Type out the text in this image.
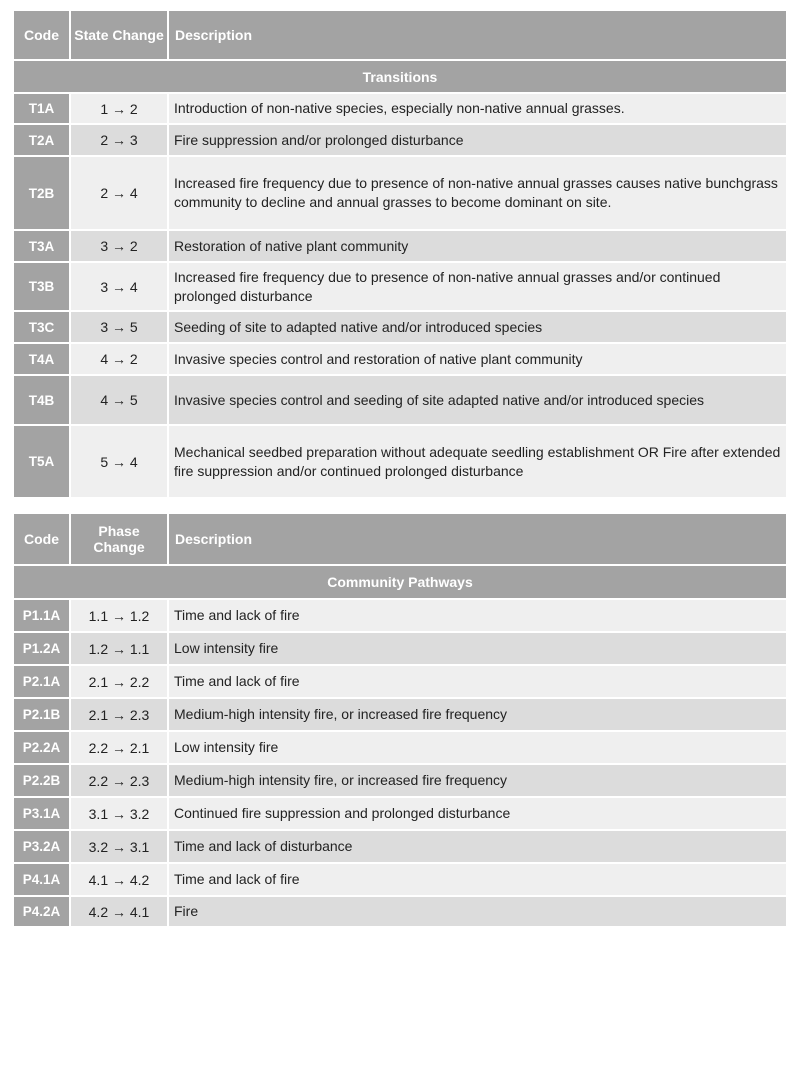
Code	State Change	Description
Transitions		
T1A	1 → 2	Introduction of non-native species, especially non-native annual grasses.
T2A	2 → 3	Fire suppression and/or prolonged disturbance
T2B	2 → 4	Increased fire frequency due to presence of non-native annual grasses causes native bunchgrass community to decline and annual grasses to become dominant on site.
T3A	3 → 2	Restoration of native plant community
T3B	3 → 4	Increased fire frequency due to presence of non-native annual grasses and/or continued prolonged disturbance
T3C	3 → 5	Seeding of site to adapted native and/or introduced species
T4A	4 → 2	Invasive species control and restoration of native plant community
T4B	4 → 5	Invasive species control and seeding of site adapted native and/or introduced species
T5A	5 → 4	Mechanical seedbed preparation without adequate seedling establishment OR Fire after extended fire suppression and/or continued prolonged disturbance
Code	Phase Change	Description
Community Pathways		
P1.1A	1.1 → 1.2	Time and lack of fire
P1.2A	1.2 → 1.1	Low intensity fire
P2.1A	2.1 → 2.2	Time and lack of fire
P2.1B	2.1 → 2.3	Medium-high intensity fire, or increased fire frequency
P2.2A	2.2 → 2.1	Low intensity fire
P2.2B	2.2 → 2.3	Medium-high intensity fire, or increased fire frequency
P3.1A	3.1 → 3.2	Continued fire suppression and prolonged disturbance
P3.2A	3.2 → 3.1	Time and lack of disturbance
P4.1A	4.1 → 4.2	Time and lack of fire
P4.2A	4.2 → 4.1	Fire
